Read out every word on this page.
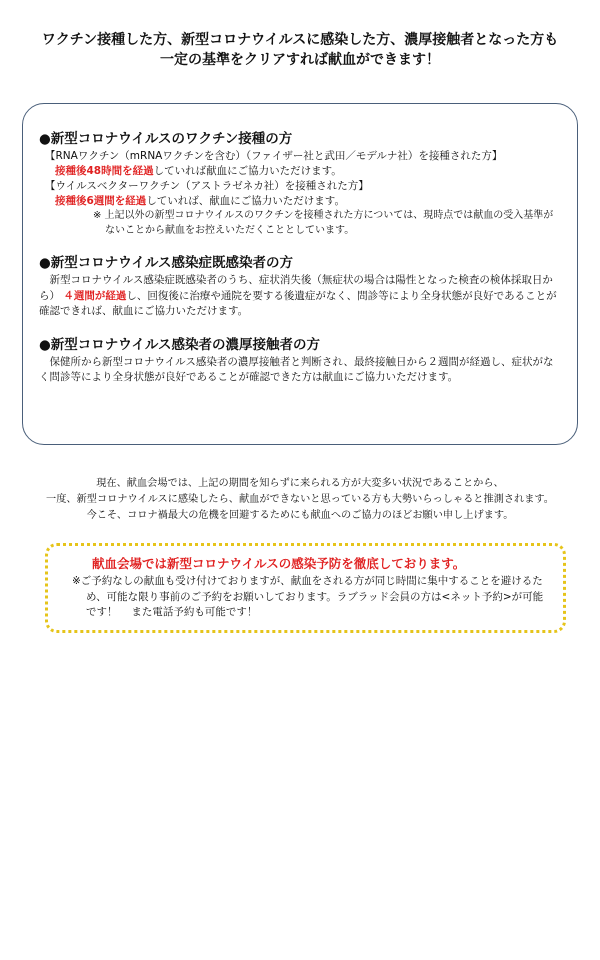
ワクチン接種した方、新型コロナウイルスに感染した方、濃厚接触者となった方も
一定の基準をクリアすれば献血ができます！
●新型コロナウイルスのワクチン接種の方
【RNAワクチン（mRNAワクチンを含む）（ファイザー社と武田／モデルナ社）を接種された方】
接種後48時間を経過していれば献血にご協力いただけます。
【ウイルスベクターワクチン（アストラゼネカ社）を接種された方】
接種後6週間を経過していれば、献血にご協力いただけます。
※ 上記以外の新型コロナウイルスのワクチンを接種された方については、現時点では献血の受入基準がないことから献血をお控えいただくこととしています。
●新型コロナウイルス感染症既感染者の方
新型コロナウイルス感染症既感染者のうち、症状消失後（無症状の場合は陽性となった検査の検体採取日から） ４週間が経過し、回復後に治療や通院を要する後遺症がなく、問診等により全身状態が良好であることが確認できれば、献血にご協力いただけます。
●新型コロナウイルス感染者の濃厚接触者の方
保健所から新型コロナウイルス感染者の濃厚接触者と判断され、最終接触日から２週間が経過し、症状がなく問診等により全身状態が良好であることが確認できた方は献血にご協力いただけます。
現在、献血会場では、上記の期間を知らずに来られる方が大変多い状況であることから、
一度、新型コロナウイルスに感染したら、献血ができないと思っている方も大勢いらっしゃると推測されます。
今こそ、コロナ禍最大の危機を回避するためにも献血へのご協力のほどお願い申し上げます。
献血会場では新型コロナウイルスの感染予防を徹底しております。
※ご予約なしの献血も受け付けておりますが、献血をされる方が同じ時間に集中することを避けるため、可能な限り事前のご予約をお願いしております。ラブラッド会員の方は<ネット予約>が可能です！　 また電話予約も可能です！
